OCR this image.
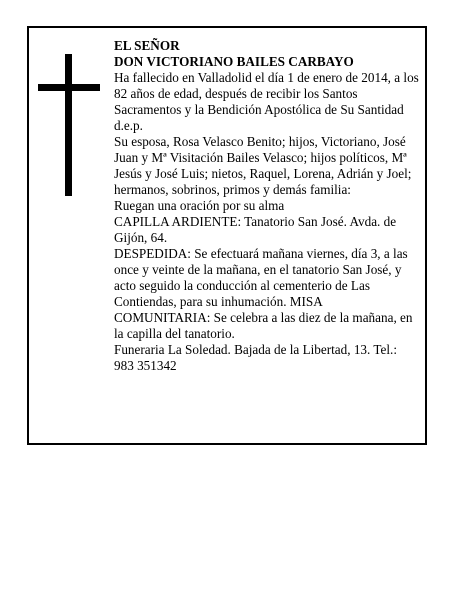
EL SEÑOR

DON VICTORIANO BAILES CARBAYO

Ha fallecido en Valladolid el día 1 de enero de 2014, a los 82 años de edad, después de recibir los Santos Sacramentos y la Bendición Apostólica de Su Santidad d.e.p.

Su esposa, Rosa Velasco Benito; hijos, Victoriano, José Juan y Mª Visitación Bailes Velasco; hijos políticos, Mª Jesús y José Luis; nietos, Raquel, Lorena, Adrián y Joel; hermanos, sobrinos, primos y demás familia:

Ruegan una oración por su alma

CAPILLA ARDIENTE: Tanatorio San José. Avda. de Gijón, 64.

DESPEDIDA: Se efectuará mañana viernes, día 3, a las once y veinte de la mañana, en el tanatorio San José, y acto seguido la conducción al cementerio de Las Contiendas, para su inhumación. MISA COMUNITARIA: Se celebra a las diez de la mañana, en la capilla del tanatorio.

Funeraria La Soledad. Bajada de la Libertad, 13. Tel.: 983 351342
